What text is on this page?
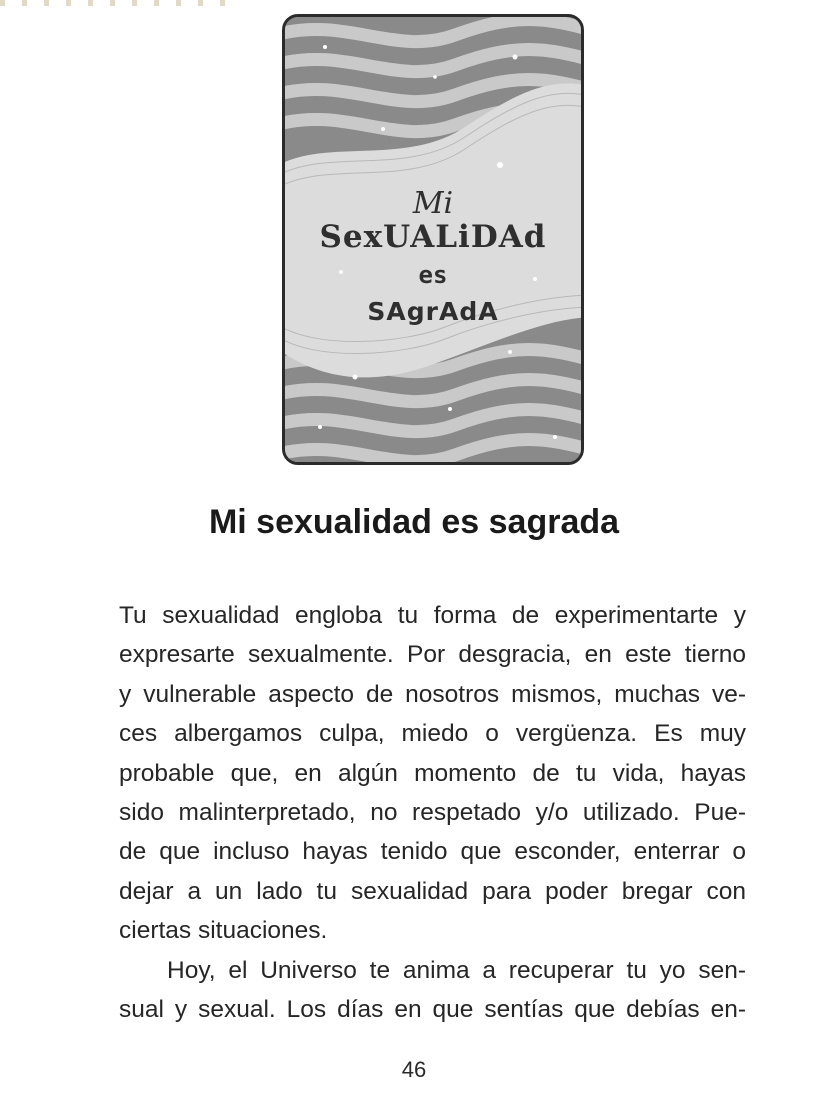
Mi
SexUALiDAd
es
SAgrAdA
Mi sexualidad es sagrada
Tu sexualidad engloba tu forma de experimentarte y
expresarte sexualmente. Por desgracia, en este tierno
y vulnerable aspecto de nosotros mismos, muchas ve-
ces albergamos culpa, miedo o vergüenza. Es muy
probable que, en algún momento de tu vida, hayas
sido malinterpretado, no respetado y/o utilizado. Pue-
de que incluso hayas tenido que esconder, enterrar o
dejar a un lado tu sexualidad para poder bregar con
ciertas situaciones.
Hoy, el Universo te anima a recuperar tu yo sen-
sual y sexual. Los días en que sentías que debías en-
46
